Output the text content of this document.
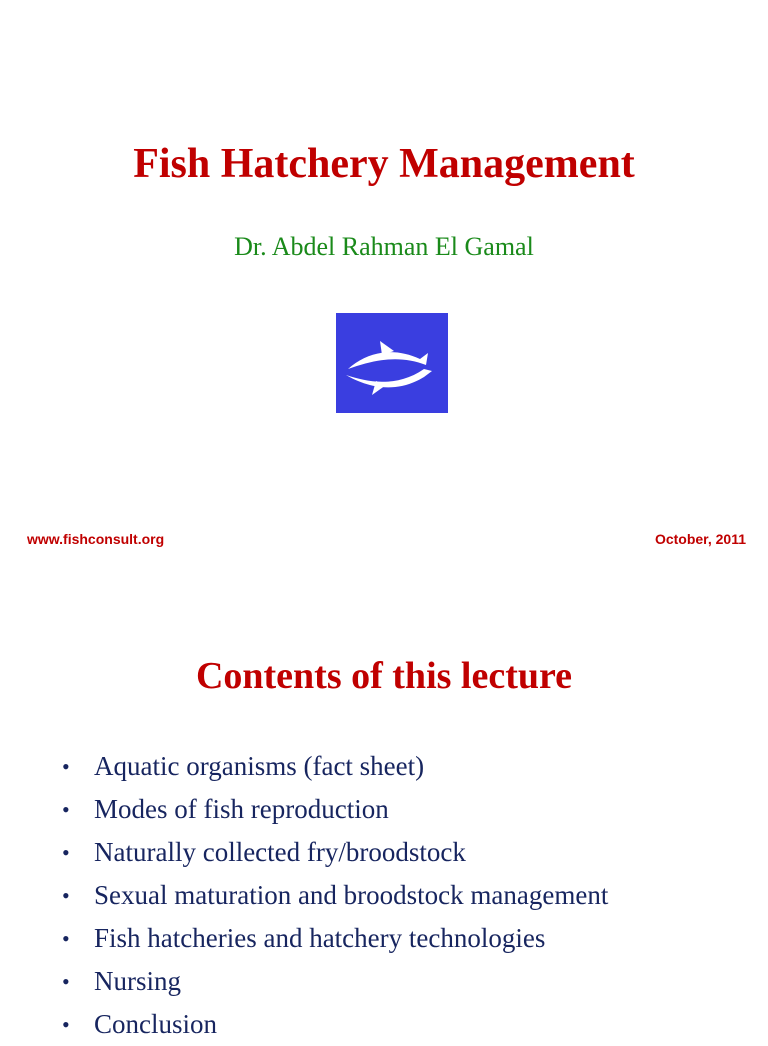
Fish Hatchery Management
Dr. Abdel Rahman El Gamal
www.fishconsult.org	October, 2011
Contents of this lecture
• Aquatic organisms (fact sheet)
• Modes of fish reproduction
• Naturally collected fry/broodstock
• Sexual maturation and broodstock management
• Fish hatcheries and hatchery technologies
• Nursing
• Conclusion
